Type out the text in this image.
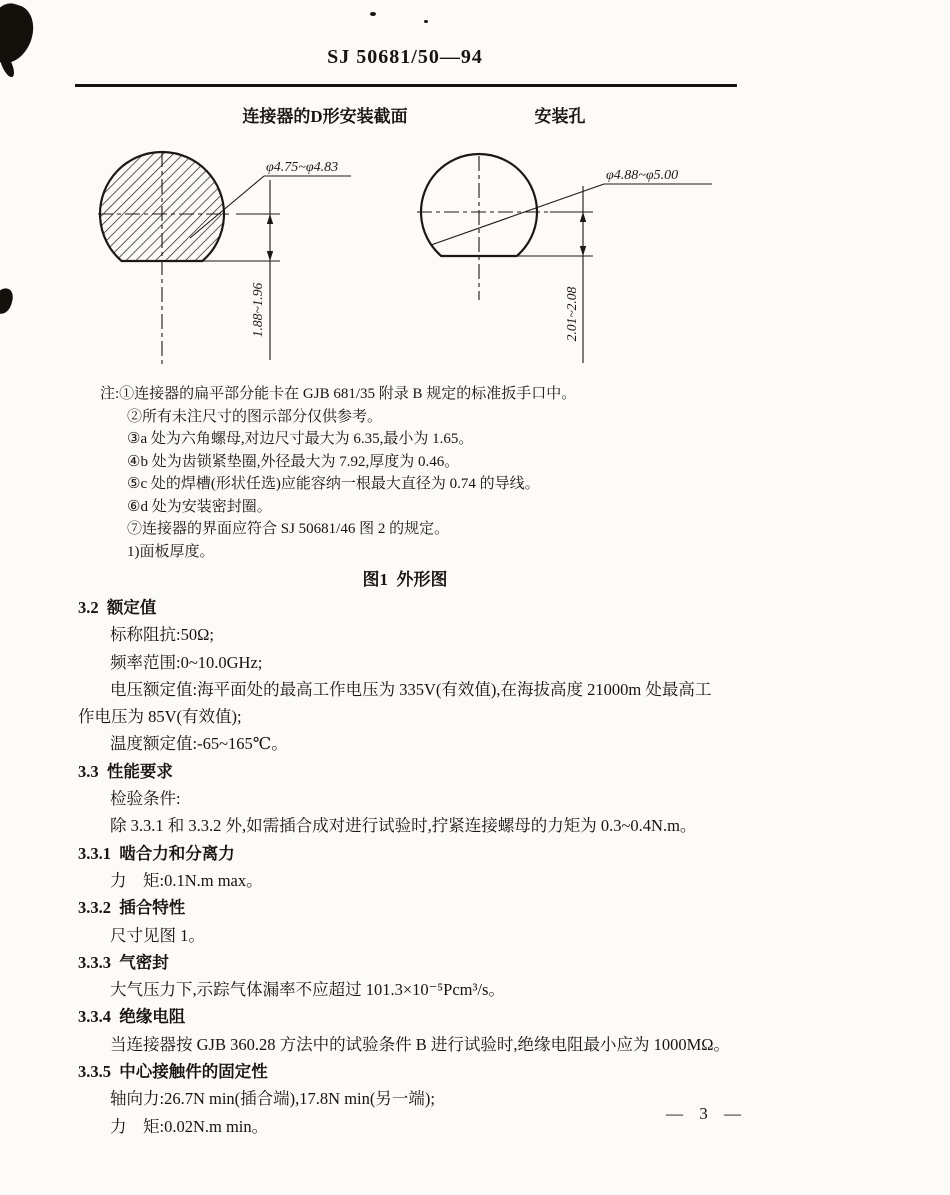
SJ 50681/50—94
连接器的D形安装截面	安装孔
φ4.75~φ4.83
1.88~1.96
φ4.88~φ5.00
2.01~2.08
注:①连接器的扁平部分能卡在 GJB 681/35 附录 B 规定的标准扳手口中。
②所有未注尺寸的图示部分仅供参考。
③a 处为六角螺母,对边尺寸最大为 6.35,最小为 1.65。
④b 处为齿锁紧垫圈,外径最大为 7.92,厚度为 0.46。
⑤c 处的焊槽(形状任选)应能容纳一根最大直径为 0.74 的导线。
⑥d 处为安装密封圈。
⑦连接器的界面应符合 SJ 50681/46 图 2 的规定。
1)面板厚度。
图1  外形图
3.2  额定值
标称阻抗:50Ω;
频率范围:0~10.0GHz;
电压额定值:海平面处的最高工作电压为 335V(有效值),在海拔高度 21000m 处最高工
作电压为 85V(有效值);
温度额定值:-65~165℃。
3.3  性能要求
检验条件:
除 3.3.1 和 3.3.2 外,如需插合成对进行试验时,拧紧连接螺母的力矩为 0.3~0.4N.m。
3.3.1  啮合力和分离力
力　矩:0.1N.m max。
3.3.2  插合特性
尺寸见图 1。
3.3.3  气密封
大气压力下,示踪气体漏率不应超过 101.3×10⁻⁵Pcm³/s。
3.3.4  绝缘电阻
当连接器按 GJB 360.28 方法中的试验条件 B 进行试验时,绝缘电阻最小应为 1000MΩ。
3.3.5  中心接触件的固定性
轴向力:26.7N min(插合端),17.8N min(另一端);
力　矩:0.02N.m min。
— 3 —
